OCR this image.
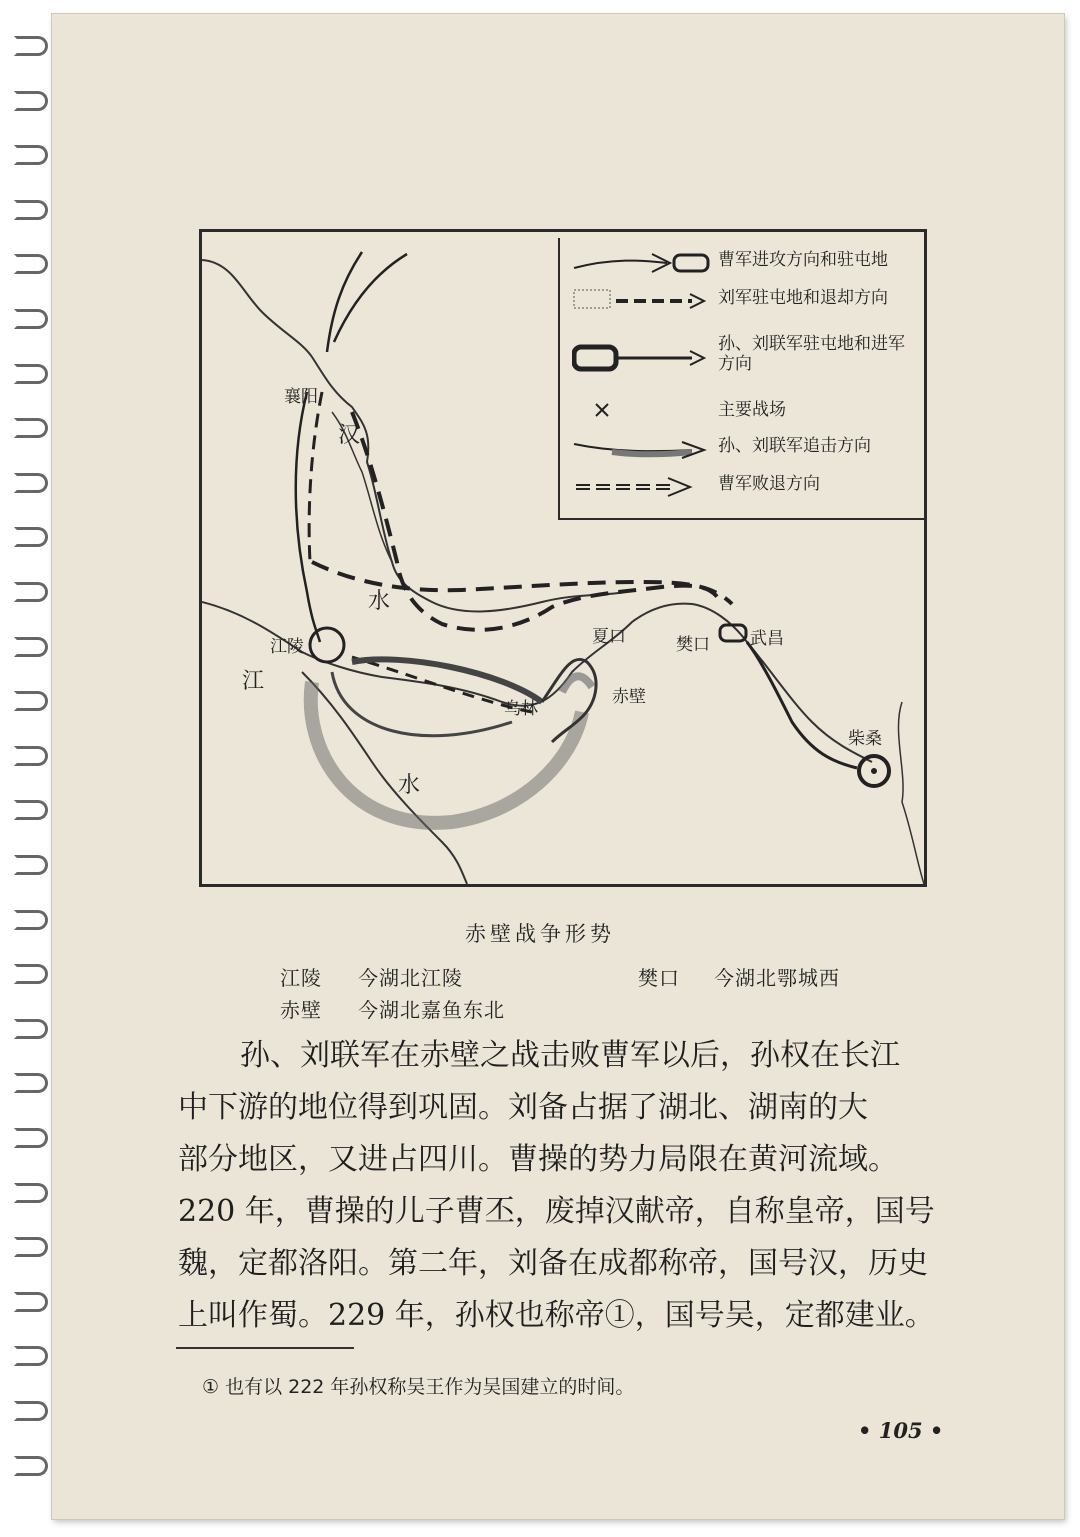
曹军进攻方向和驻屯地
刘军驻屯地和退却方向
孙、刘联军驻屯地和进军方向
主要战场
孙、刘联军追击方向
曹军败退方向
襄阳
江陵	夏口	樊口 武昌
乌林
赤壁
柴桑
汉
水
江
水
赤壁战争形势
江陵 今湖北江陵	樊口 今湖北鄂城西
赤壁 今湖北嘉鱼东北

孙、刘联军在赤壁之战击败曹军以后，孙权在长江

中下游的地位得到巩固。刘备占据了湖北、湖南的大

部分地区，又进占四川。曹操的势力局限在黄河流域。

220 年，曹操的儿子曹丕，废掉汉献帝，自称皇帝，国号

魏，定都洛阳。第二年，刘备在成都称帝，国号汉，历史

上叫作蜀。229 年，孙权也称帝①，国号吴，定都建业。

① 也有以 222 年孙权称吴王作为吴国建立的时间。
• 105 •
